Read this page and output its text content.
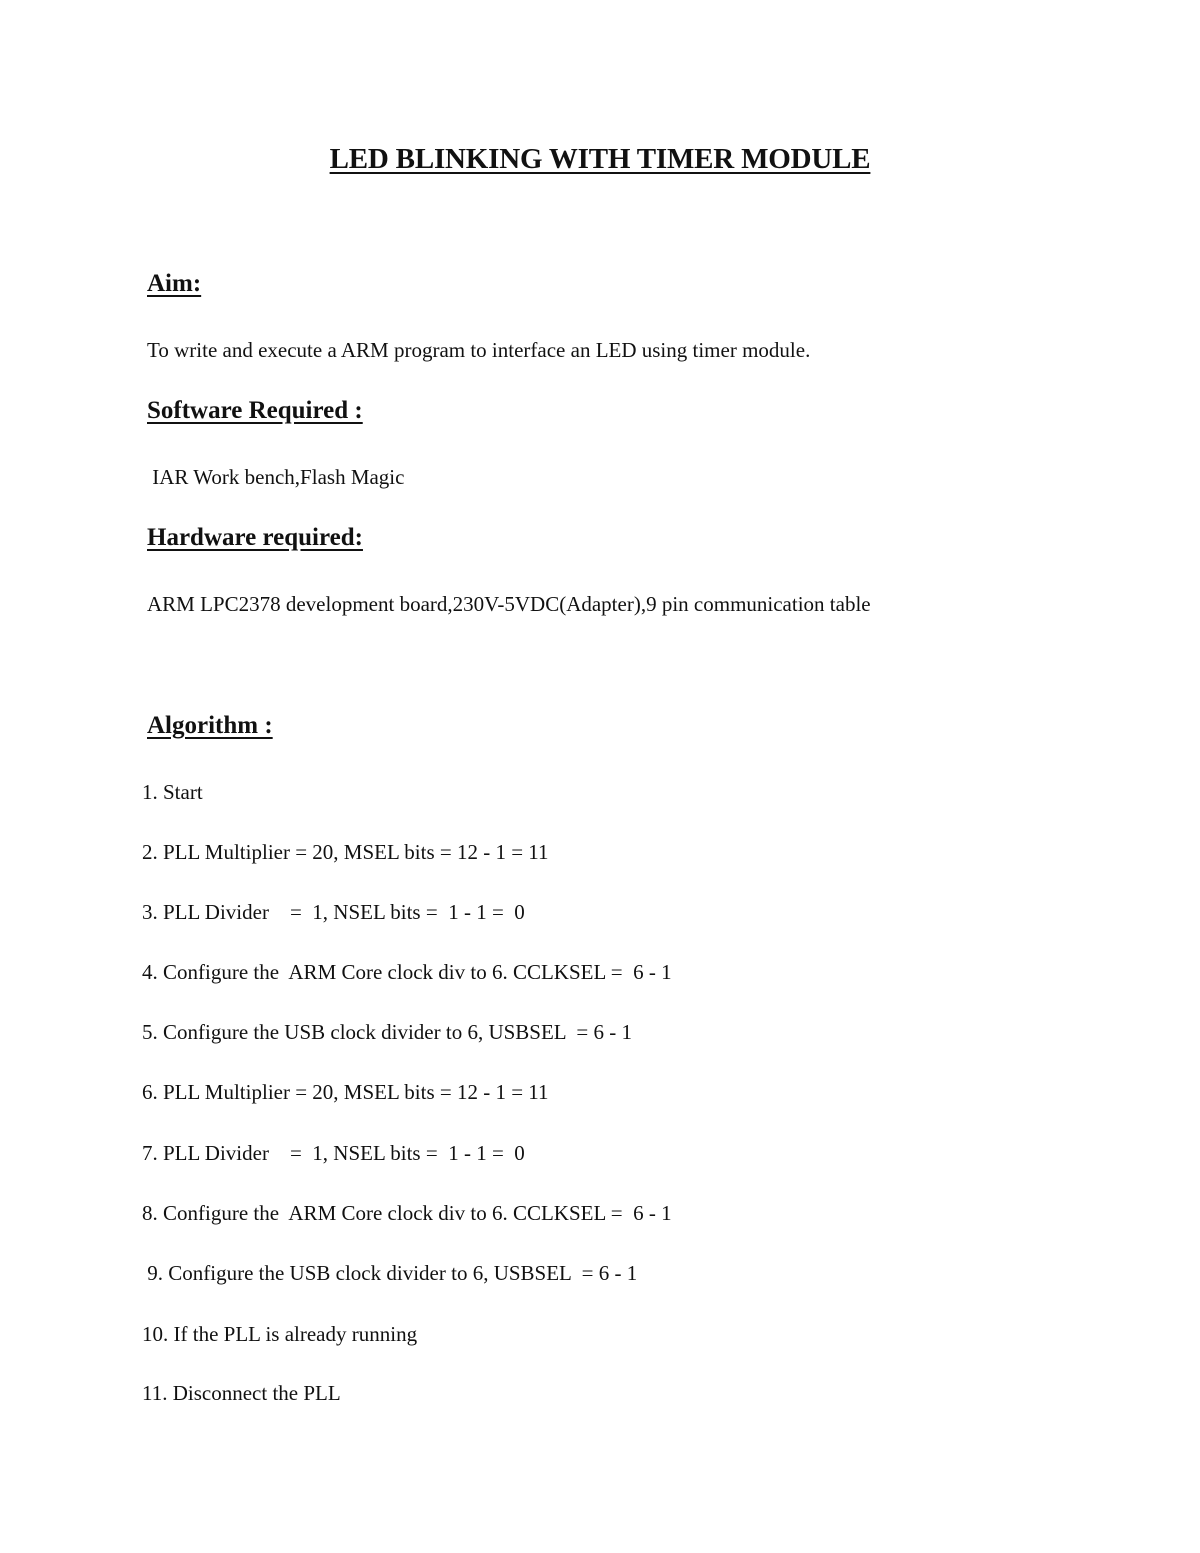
LED BLINKING WITH TIMER MODULE
Aim:
To write and execute a ARM program to interface an LED using timer module.
Software Required :
IAR Work bench,Flash Magic
Hardware required:
ARM LPC2378 development board,230V-5VDC(Adapter),9 pin communication table
Algorithm :
1. Start
2. PLL Multiplier = 20, MSEL bits = 12 - 1 = 11
3. PLL Divider    =  1, NSEL bits =  1 - 1 =  0
4. Configure the  ARM Core clock div to 6. CCLKSEL =  6 - 1
5. Configure the USB clock divider to 6, USBSEL  = 6 - 1
6. PLL Multiplier = 20, MSEL bits = 12 - 1 = 11
7. PLL Divider    =  1, NSEL bits =  1 - 1 =  0
8. Configure the  ARM Core clock div to 6. CCLKSEL =  6 - 1
9. Configure the USB clock divider to 6, USBSEL  = 6 - 1
10. If the PLL is already running
11. Disconnect the PLL
